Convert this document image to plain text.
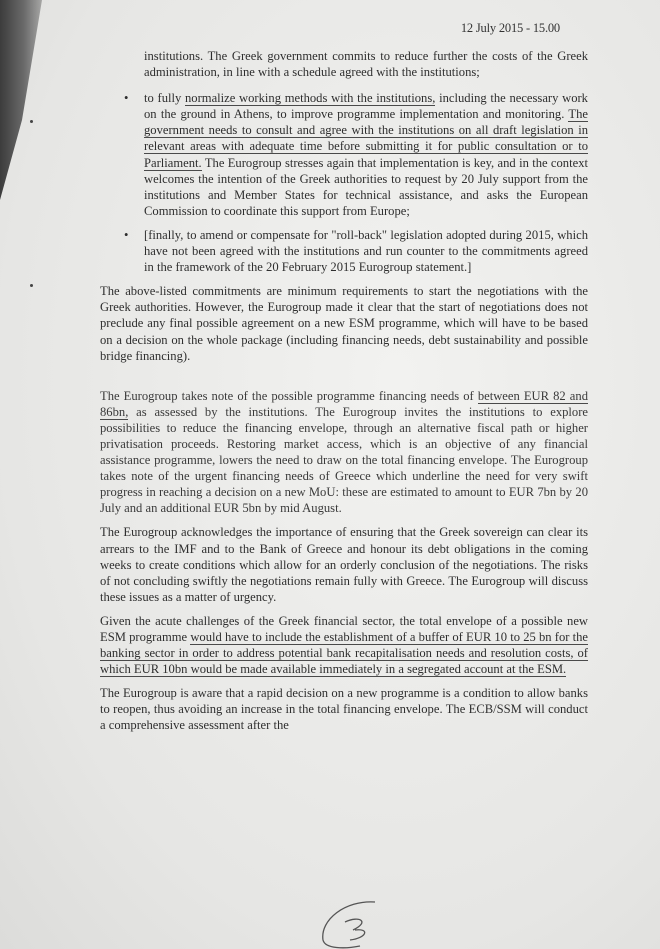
12 July 2015 - 15.00

institutions. The Greek government commits to reduce further the costs of the Greek administration, in line with a schedule agreed with the institutions;

• to fully normalize working methods with the institutions, including the necessary work on the ground in Athens, to improve programme implementation and monitoring. The government needs to consult and agree with the institutions on all draft legislation in relevant areas with adequate time before submitting it for public consultation or to Parliament. The Eurogroup stresses again that implementation is key, and in the context welcomes the intention of the Greek authorities to request by 20 July support from the institutions and Member States for technical assistance, and asks the European Commission to coordinate this support from Europe;
• [finally, to amend or compensate for "roll-back" legislation adopted during 2015, which have not been agreed with the institutions and run counter to the commitments agreed in the framework of the 20 February 2015 Eurogroup statement.]

The above-listed commitments are minimum requirements to start the negotiations with the Greek authorities. However, the Eurogroup made it clear that the start of negotiations does not preclude any final possible agreement on a new ESM programme, which will have to be based on a decision on the whole package (including financing needs, debt sustainability and possible bridge financing).

The Eurogroup takes note of the possible programme financing needs of between EUR 82 and 86bn, as assessed by the institutions. The Eurogroup invites the institutions to explore possibilities to reduce the financing envelope, through an alternative fiscal path or higher privatisation proceeds. Restoring market access, which is an objective of any financial assistance programme, lowers the need to draw on the total financing envelope. The Eurogroup takes note of the urgent financing needs of Greece which underline the need for very swift progress in reaching a decision on a new MoU: these are estimated to amount to EUR 7bn by 20 July and an additional EUR 5bn by mid August.

The Eurogroup acknowledges the importance of ensuring that the Greek sovereign can clear its arrears to the IMF and to the Bank of Greece and honour its debt obligations in the coming weeks to create conditions which allow for an orderly conclusion of the negotiations. The risks of not concluding swiftly the negotiations remain fully with Greece. The Eurogroup will discuss these issues as a matter of urgency.

Given the acute challenges of the Greek financial sector, the total envelope of a possible new ESM programme would have to include the establishment of a buffer of EUR 10 to 25 bn for the banking sector in order to address potential bank recapitalisation needs and resolution costs, of which EUR 10bn would be made available immediately in a segregated account at the ESM.

The Eurogroup is aware that a rapid decision on a new programme is a condition to allow banks to reopen, thus avoiding an increase in the total financing envelope. The ECB/SSM will conduct a comprehensive assessment after the
